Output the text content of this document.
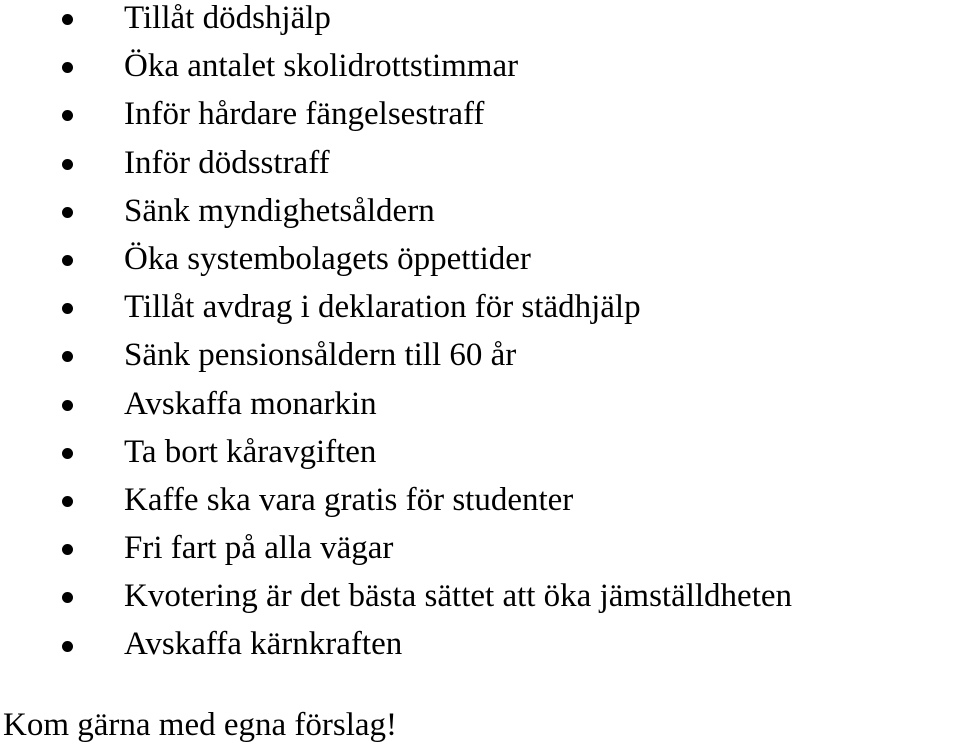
Tillåt dödshjälp
Öka antalet skolidrottstimmar
Inför hårdare fängelsestraff
Inför dödsstraff
Sänk myndighetsåldern
Öka systembolagets öppettider
Tillåt avdrag i deklaration för städhjälp
Sänk pensionsåldern till 60 år
Avskaffa monarkin
Ta bort kåravgiften
Kaffe ska vara gratis för studenter
Fri fart på alla vägar
Kvotering är det bästa sättet att öka jämställdheten
Avskaffa kärnkraften
Kom gärna med egna förslag!
